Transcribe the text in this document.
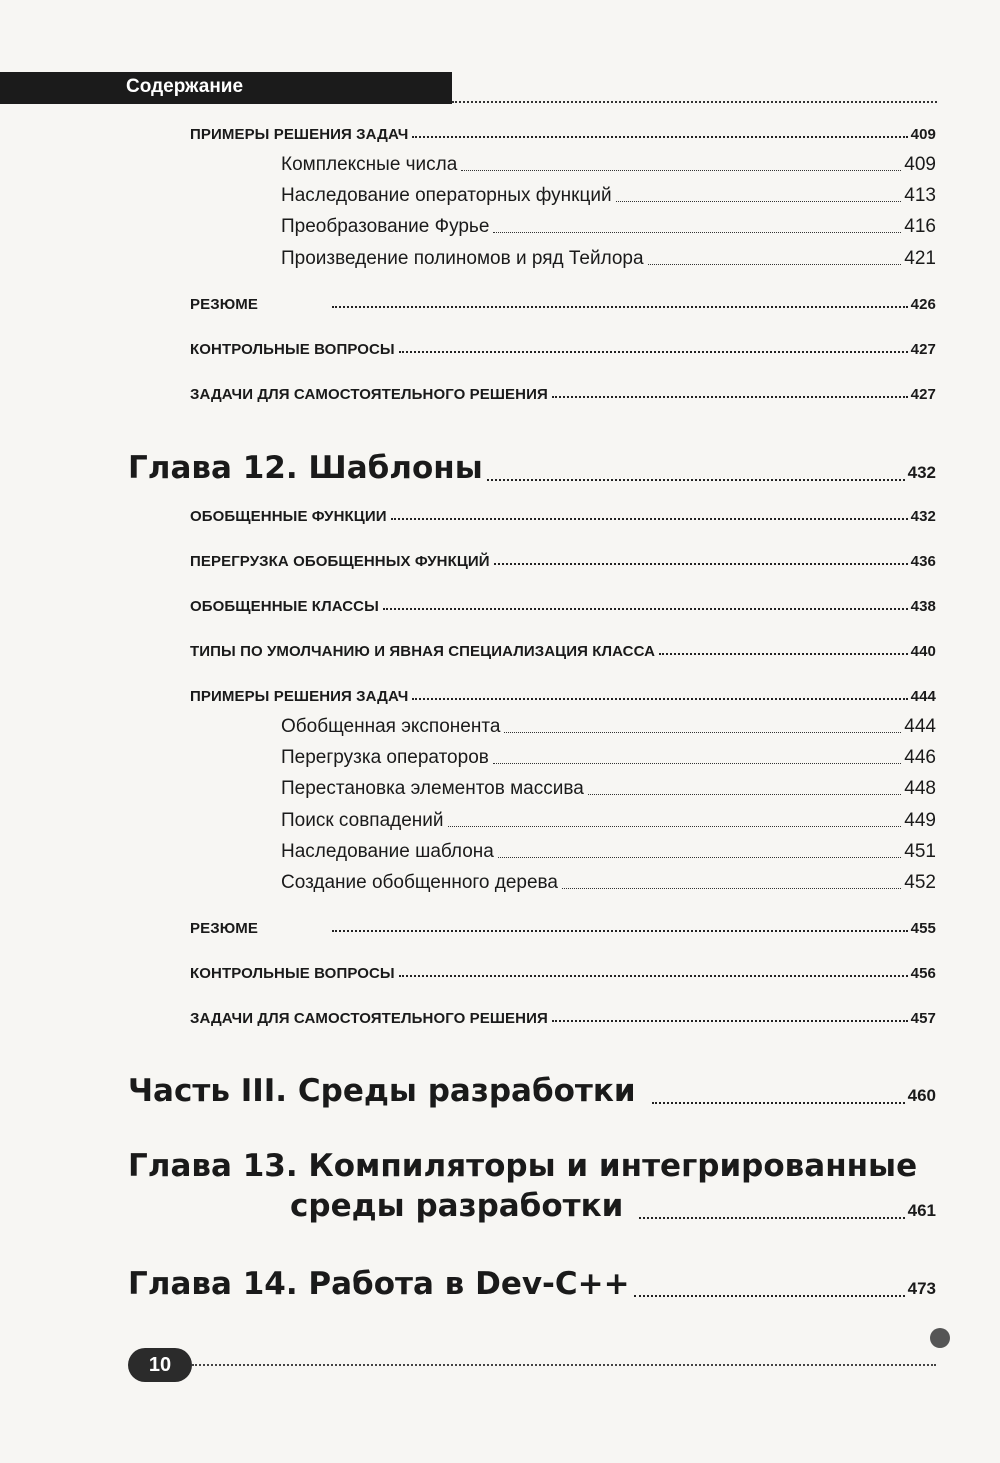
Содержание
ПРИМЕРЫ РЕШЕНИЯ ЗАДАЧ	409
Комплексные числа	409
Наследование операторных функций	413
Преобразование Фурье	416
Произведение полиномов и ряд Тейлора	421
РЕЗЮМЕ	426
КОНТРОЛЬНЫЕ ВОПРОСЫ	427
ЗАДАЧИ ДЛЯ САМОСТОЯТЕЛЬНОГО РЕШЕНИЯ	427
Глава 12. Шаблоны	432
ОБОБЩЕННЫЕ ФУНКЦИИ	432
ПЕРЕГРУЗКА ОБОБЩЕННЫХ ФУНКЦИЙ	436
ОБОБЩЕННЫЕ КЛАССЫ	438
ТИПЫ ПО УМОЛЧАНИЮ И ЯВНАЯ СПЕЦИАЛИЗАЦИЯ КЛАССА	440
ПРИМЕРЫ РЕШЕНИЯ ЗАДАЧ	444
Обобщенная экспонента	444
Перегрузка операторов	446
Перестановка элементов массива	448
Поиск совпадений	449
Наследование шаблона	451
Создание обобщенного дерева	452
РЕЗЮМЕ	455
КОНТРОЛЬНЫЕ ВОПРОСЫ	456
ЗАДАЧИ ДЛЯ САМОСТОЯТЕЛЬНОГО РЕШЕНИЯ	457
Часть III. Среды разработки	460
Глава 13. Компиляторы и интегрированные
среды разработки	461
Глава 14. Работа в Dev-C++	473
10
